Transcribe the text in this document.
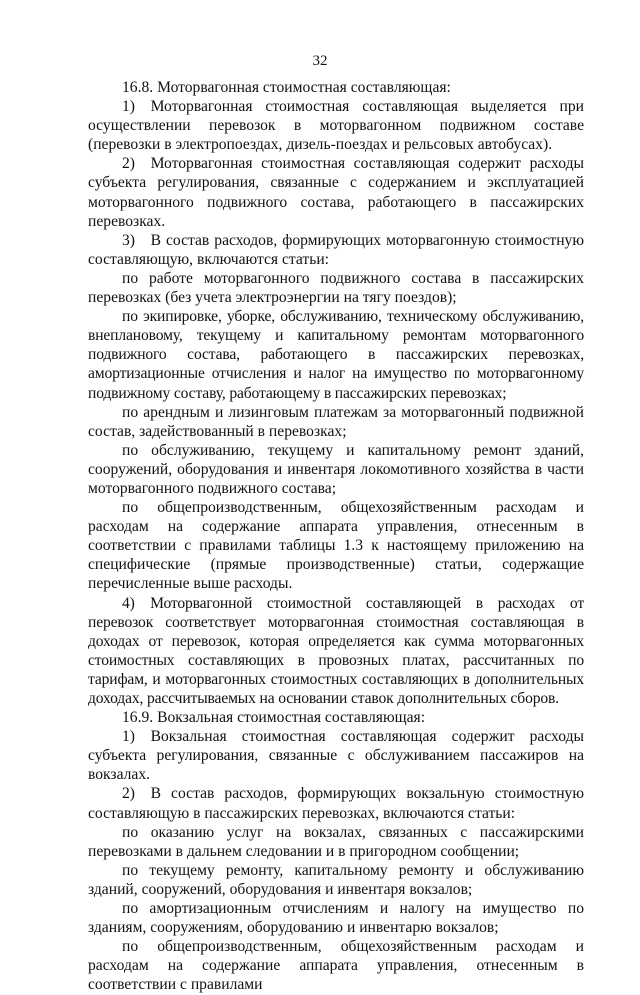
32

16.8. Моторвагонная стоимостная составляющая:

1) Моторвагонная стоимостная составляющая выделяется при осуществлении перевозок в моторвагонном подвижном составе (перевозки в электропоездах, дизель-поездах и рельсовых автобусах).

2) Моторвагонная стоимостная составляющая содержит расходы субъекта регулирования, связанные с содержанием и эксплуатацией моторвагонного подвижного состава, работающего в пассажирских перевозках.

3) В состав расходов, формирующих моторвагонную стоимостную составляющую, включаются статьи:

по работе моторвагонного подвижного состава в пассажирских перевозках (без учета электроэнергии на тягу поездов);

по экипировке, уборке, обслуживанию, техническому обслуживанию, внеплановому, текущему и капитальному ремонтам моторвагонного подвижного состава, работающего в пассажирских перевозках, амортизационные отчисления и налог на имущество по моторвагонному подвижному составу, работающему в пассажирских перевозках;

по арендным и лизинговым платежам за моторвагонный подвижной состав, задействованный в перевозках;

по обслуживанию, текущему и капитальному ремонт зданий, сооружений, оборудования и инвентаря локомотивного хозяйства в части моторвагонного подвижного состава;

по общепроизводственным, общехозяйственным расходам и расходам на содержание аппарата управления, отнесенным в соответствии с правилами таблицы 1.3 к настоящему приложению на специфические (прямые производственные) статьи, содержащие перечисленные выше расходы.

4) Моторвагонной стоимостной составляющей в расходах от перевозок соответствует моторвагонная стоимостная составляющая в доходах от перевозок, которая определяется как сумма моторвагонных стоимостных составляющих в провозных платах, рассчитанных по тарифам, и моторвагонных стоимостных составляющих в дополнительных доходах, рассчитываемых на основании ставок дополнительных сборов.

16.9. Вокзальная стоимостная составляющая:

1) Вокзальная стоимостная составляющая содержит расходы субъекта регулирования, связанные с обслуживанием пассажиров на вокзалах.

2) В состав расходов, формирующих вокзальную стоимостную составляющую в пассажирских перевозках, включаются статьи:

по оказанию услуг на вокзалах, связанных с пассажирскими перевозками в дальнем следовании и в пригородном сообщении;

по текущему ремонту, капитальному ремонту и обслуживанию зданий, сооружений, оборудования и инвентаря вокзалов;

по амортизационным отчислениям и налогу на имущество по зданиям, сооружениям, оборудованию и инвентарю вокзалов;

по общепроизводственным, общехозяйственным расходам и расходам на содержание аппарата управления, отнесенным в соответствии с правилами
